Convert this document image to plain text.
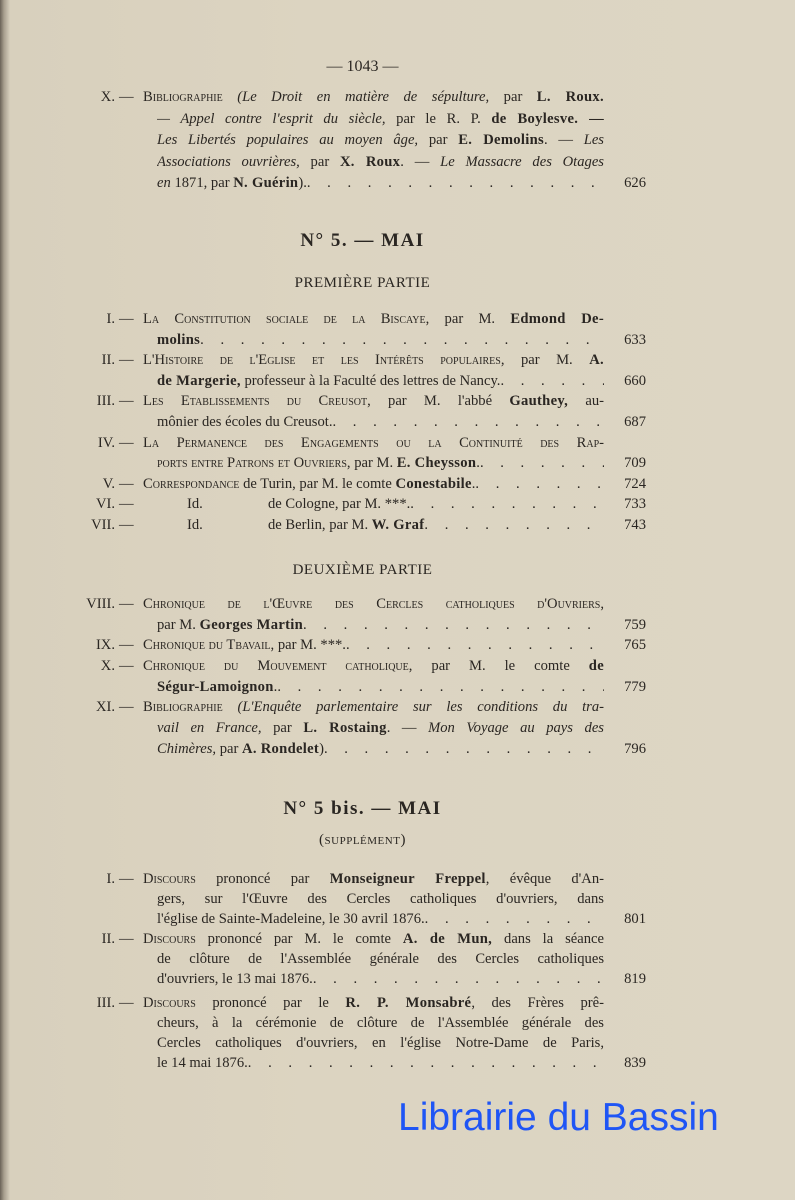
— 1043 —
N° 5. — MAI
PREMIÈRE PARTIE
DEUXIÈME PARTIE
N° 5 bis. — MAI
(supplément)
X. — Bibliographie (Le Droit en matière de sépulture, par L. Roux.
— Appel contre l'esprit du siècle, par le R. P. de Boylesve. —
Les Libertés populaires au moyen âge, par E. Demolins. — Les
Associations ouvrières, par X. Roux. — Le Massacre des Otages
en 1871, par N. Guérin). . . .	626
I. — La Constitution sociale de la Biscaye, par M. Edmond De-
molins . . .	633
II. — L'Histoire de l'Eglise et les Intérêts populaires, par M. A.
de Margerie, professeur à la Faculté des lettres de Nancy. . . .	660
III. — Les Etablissements du Creusot, par M. l'abbé Gauthey, au-
mônier des écoles du Creusot. . . .	687
IV. — La Permanence des Engagements ou la Continuité des Rap-
ports entre Patrons et Ouvriers, par M. E. Cheysson. . . .	709
V. — Correspondance de Turin, par M. le comte Conestabile. . . .	724
VI. —	Id.	de Cologne, par M. ***. . . .	733
VII. —	Id.	de Berlin, par M. W. Graf . . .	743
VIII. — Chronique de l'Œuvre des Cercles catholiques d'Ouvriers,
par M. Georges Martin . . .	759
IX. — Chronique du Tbavail, par M. ***. . . .	765
X. — Chronique du Mouvement catholique, par M. le comte de
Ségur-Lamoignon. . . .	779
XI. — Bibliographie (L'Enquête parlementaire sur les conditions du tra-
vail en France, par L. Rostaing. — Mon Voyage au pays des
Chimères, par A. Rondelet) . . .	796
I. — Discours prononcé par Monseigneur Freppel, évêque d'An-
gers, sur l'Œuvre des Cercles catholiques d'ouvriers, dans
l'église de Sainte-Madeleine, le 30 avril 1876. . . .	801
II. — Discours prononcé par M. le comte A. de Mun, dans la séance
de clôture de l'Assemblée générale des Cercles catholiques
d'ouvriers, le 13 mai 1876. . . .	819
III. — Discours prononcé par le R. P. Monsabré, des Frères prê-
cheurs, à la cérémonie de clôture de l'Assemblée générale des
Cercles catholiques d'ouvriers, en l'église Notre-Dame de Paris,
le 14 mai 1876. . . .	839
Librairie du Bassin
